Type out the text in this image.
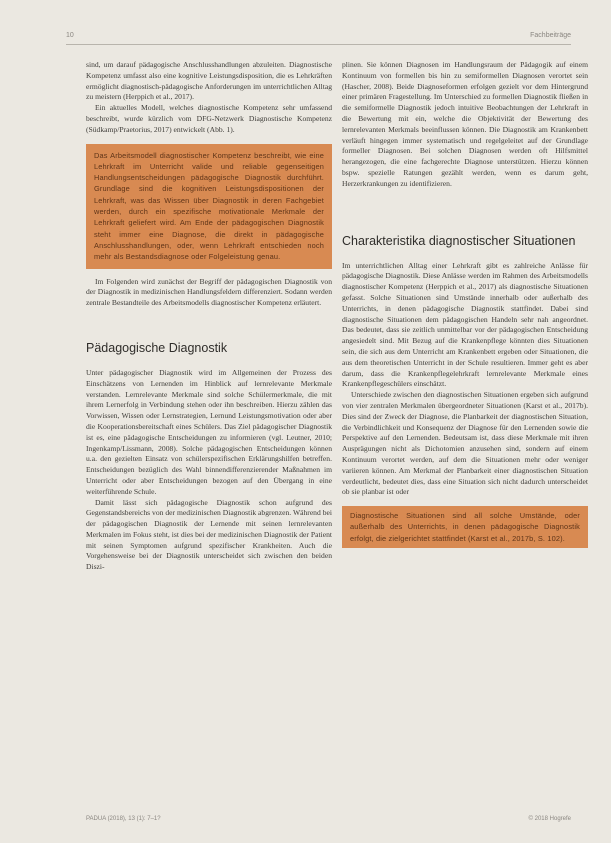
10	Fachbeiträge

sind, um darauf pädagogische Anschlusshandlungen abzuleiten. Diagnostische Kompetenz umfasst also eine kognitive Leistungsdisposition, die es Lehrkräften ermöglicht diagnostisch-pädagogische Anforderungen im unterrichtlichen Alltag zu meistern (Herppich et al., 2017).

Ein aktuelles Modell, welches diagnostische Kompetenz sehr umfassend beschreibt, wurde kürzlich vom DFG-Netzwerk Diagnostische Kompetenz (Südkamp/Praetorius, 2017) entwickelt (Abb. 1).

Das Arbeitsmodell diagnostischer Kompetenz beschreibt, wie eine Lehrkraft im Unterricht valide und reliable gegenseitigen Handlungsentscheidungen pädagogische Diagnostik durchführt. Grundlage sind die kognitiven Leistungsdispositionen der Lehrkraft, was das Wissen über Diagnostik in deren Fachgebiet werden, durch ein spezifische motivationale Merkmale der Lehrkraft geliefert wird. Am Ende der pädagogischen Diagnostik steht immer eine Diagnose, die direkt in pädagogische Anschlusshandlungen, oder, wenn Lehrkraft entschieden noch mehr als Bestandsdiagnose oder Folgeleistung genau.

Im Folgenden wird zunächst der Begriff der pädagogischen Diagnostik von der Diagnostik in medizinischen Handlungsfeldern differenziert. Sodann werden zentrale Bestandteile des Arbeitsmodells diagnostischer Kompetenz erläutert.

Pädagogische Diagnostik

Unter pädagogischer Diagnostik wird im Allgemeinen der Prozess des Einschätzens von Lernenden im Hinblick auf lernrelevante Merkmale verstanden. Lernrelevante Merkmale sind solche Schülermerkmale, die mit ihrem Lernerfolg in Verbindung stehen oder ihn beschreiben. Hierzu zählen das Vorwissen, Wissen oder Lernstrategien, Lernund Leistungsmotivation oder aber die Kooperationsbereitschaft eines Schülers. Das Ziel pädagogischer Diagnostik ist es, eine pädagogische Entscheidungen zu informieren (vgl. Leutner, 2010; Ingenkamp/Lissmann, 2008). Solche pädagogischen Entscheidungen können u.a. den gezielten Einsatz von schülerspezifischen Erklärungshilfen betreffen. Entscheidungen bezüglich des Wahl binnendifferenzierender Maßnahmen im Unterricht oder aber Entscheidungen bezogen auf den Übergang in eine weiterführende Schule.

Damit lässt sich pädagogische Diagnostik schon aufgrund des Gegenstandsbereichs von der medizinischen Diagnostik abgrenzen. Während bei der pädagogischen Diagnostik der Lernende mit seinen lernrelevanten Merkmalen im Fokus steht, ist dies bei der medizinischen Diagnostik der Patient mit seinen Symptomen aufgrund spezifischer Krankheiten. Auch die Vorgehensweise bei der Diagnostik unterscheidet sich zwischen den beiden Diszi-

plinen. Sie können Diagnosen im Handlungsraum der Pädagogik auf einem Kontinuum von formellen bis hin zu semiformellen Diagnosen verortet sein (Hascher, 2008). Beide Diagnoseformen erfolgen gezielt vor dem Hintergrund einer primären Fragestellung. Im Unterschied zu formellen Diagnostik fließen in die semiformelle Diagnostik jedoch intuitive Beobachtungen der Lehrkraft in die Bewertung mit ein, welche die Objektivität der Bewertung des lernrelevanten Merkmals beeinflussen können. Die Diagnostik am Krankenbett verläuft hingegen immer systematisch und regelgeleitet auf der Grundlage formeller Diagnosen. Bei solchen Diagnosen werden oft Hilfsmittel herangezogen, die eine fachgerechte Diagnose unterstützen. Hierzu können bspw. spezielle Ratungen gezählt werden, wenn es darum geht, Herzerkrankungen zu identifizieren.

Charakteristika diagnostischer Situationen

Im unterrichtlichen Alltag einer Lehrkraft gibt es zahlreiche Anlässe für pädagogische Diagnostik. Diese Anlässe werden im Rahmen des Arbeitsmodells diagnostischer Kompetenz (Herppich et al., 2017) als diagnostische Situationen gefasst. Solche Situationen sind Umstände innerhalb oder außerhalb des Unterrichts, in denen pädagogische Diagnostik stattfindet. Dabei sind diagnostische Situationen dem pädagogischen Handeln sehr nah angeordnet. Das bedeutet, dass sie zeitlich unmittelbar vor der pädagogischen Entscheidung angesiedelt sind. Mit Bezug auf die Krankenpflege könnten dies Situationen sein, die sich aus dem Unterricht am Krankenbett ergeben oder Situationen, die aus dem theoretischen Unterricht in der Schule resultieren. Immer geht es aber darum, dass die Krankenpflegelehrkraft lernrelevante Merkmale eines Krankenpflegeschülers einschätzt.

Unterschiede zwischen den diagnostischen Situationen ergeben sich aufgrund von vier zentralen Merkmalen übergeordneter Situationen (Karst et al., 2017b). Dies sind der Zweck der Diagnose, die Planbarkeit der diagnostischen Situation, die Verbindlichkeit und Konsequenz der Diagnose für den Lernenden sowie die Perspektive auf den Lernenden. Bedeutsam ist, dass diese Merkmale mit ihren Ausprägungen nicht als Dichotomien anzusehen sind, sondern auf einem Kontinuum verortet werden, auf dem die Situationen mehr oder weniger variieren können. Am Merkmal der Planbarkeit einer diagnostischen Situation verdeutlicht, bedeutet dies, dass eine Situation sich nicht dadurch unterscheidet ob sie planbar ist oder

Diagnostische Situationen sind all solche Umstände, oder außerhalb des Unterrichts, in denen pädagogische Diagnostik erfolgt, die zielgerichtet stattfindet (Karst et al., 2017b, S. 102).
PADUA (2018), 13 (1): 7–1?	© 2018 Hogrefe
